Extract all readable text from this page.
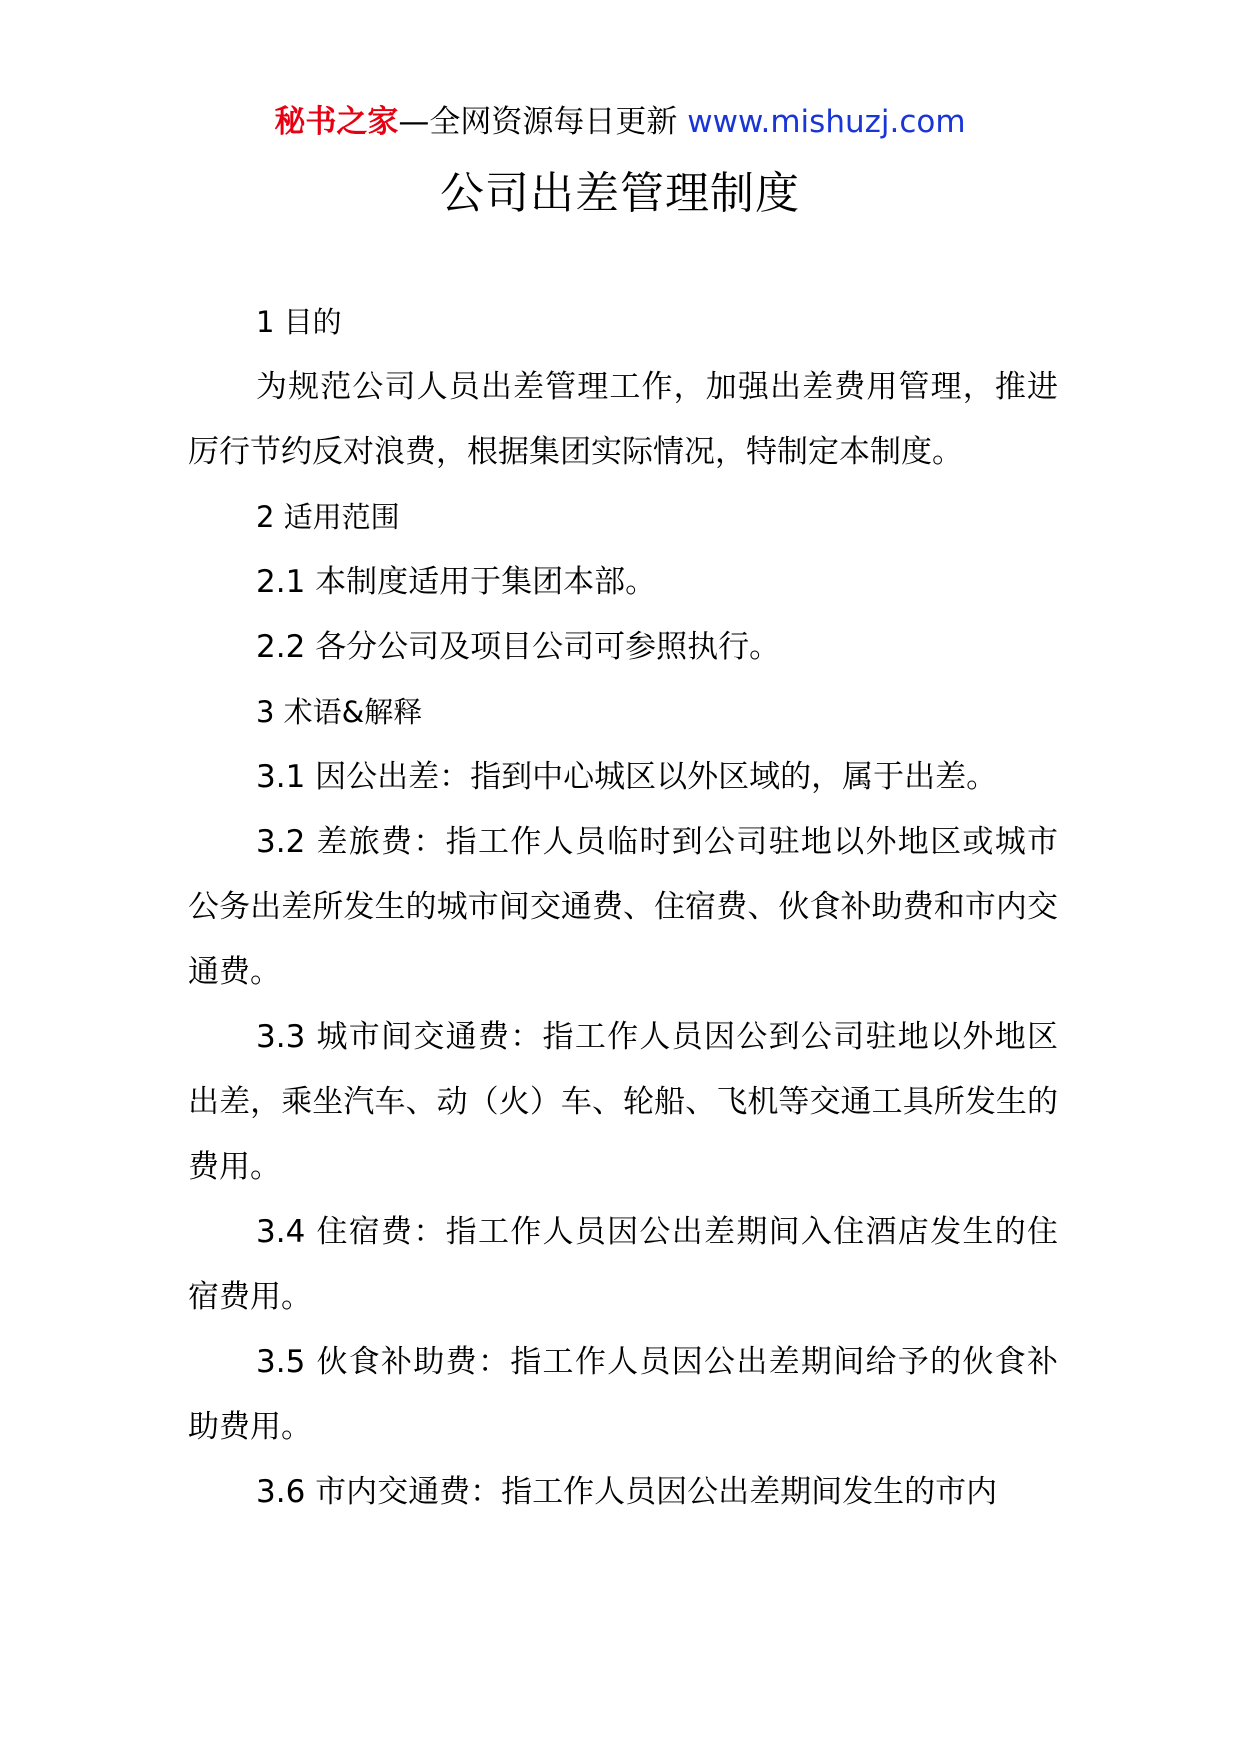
秘书之家—全网资源每日更新 www.mishuzj.com
公司出差管理制度

1 目的

为规范公司人员出差管理工作，加强出差费用管理，推进厉行节约反对浪费，根据集团实际情况，特制定本制度。

2 适用范围

2.1 本制度适用于集团本部。

2.2 各分公司及项目公司可参照执行。

3 术语&解释

3.1 因公出差：指到中心城区以外区域的，属于出差。

3.2 差旅费：指工作人员临时到公司驻地以外地区或城市公务出差所发生的城市间交通费、住宿费、伙食补助费和市内交通费。

3.3 城市间交通费：指工作人员因公到公司驻地以外地区出差，乘坐汽车、动（火）车、轮船、飞机等交通工具所发生的费用。

3.4 住宿费：指工作人员因公出差期间入住酒店发生的住宿费用。

3.5 伙食补助费：指工作人员因公出差期间给予的伙食补助费用。

3.6 市内交通费：指工作人员因公出差期间发生的市内
